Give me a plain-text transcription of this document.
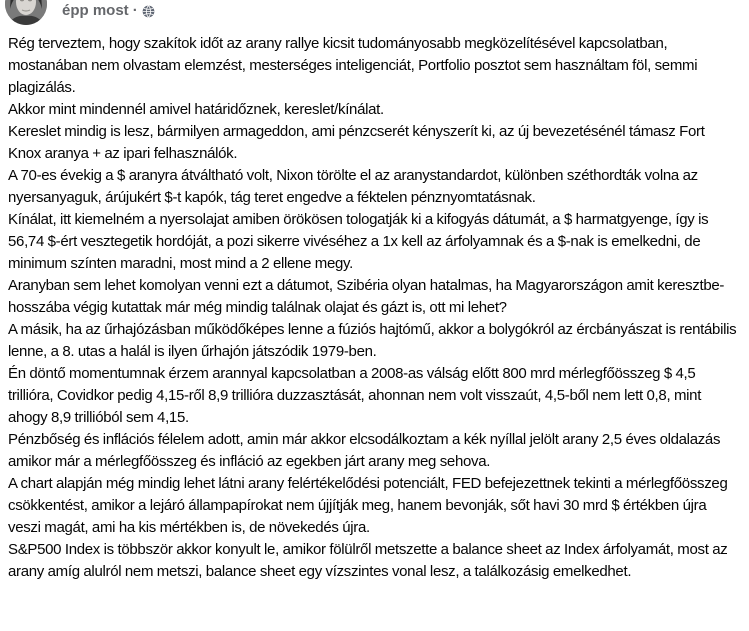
épp most ·

Rég terveztem, hogy szakítok időt az arany rallye kicsit tudományosabb megközelítésével kapcsolatban, mostanában nem olvastam elemzést, mesterséges inteligenciát, Portfolio posztot sem használtam föl, semmi plagizálás.

Akkor mint mindennél amivel határidőznek, kereslet/kínálat.

Kereslet mindig is lesz, bármilyen armageddon, ami pénzcserét kényszerít ki, az új bevezetésénél támasz Fort Knox aranya + az ipari felhasználók.

A 70-es évekig a $ aranyra átváltható volt, Nixon törölte el az aranystandardot, különben széthordták volna az nyersanyaguk, árújukért $-t kapók, tág teret engedve a féktelen pénznyomtatásnak.

Kínálat, itt kiemelném a nyersolajat amiben örökösen tologatják ki a kifogyás dátumát, a $ harmatgyenge, így is 56,74 $-ért vesztegetik hordóját, a pozi sikerre vivéséhez a 1x kell az árfolyamnak és a $-nak is emelkedni, de minimum színten maradni, most mind a 2 ellene megy.

Aranyban sem lehet komolyan venni ezt a dátumot, Szibéria olyan hatalmas, ha Magyarországon amit keresztbe-hosszába végig kutattak már még mindig találnak olajat és gázt is, ott mi lehet?

A másik, ha az űrhajózásban működőképes lenne a fúziós hajtómű, akkor a bolygókról az ércbányászat is rentábilis lenne, a 8. utas a halál is ilyen űrhajón játszódik 1979-ben.

Én döntő momentumnak érzem arannyal kapcsolatban a 2008-as válság előtt 800 mrd mérlegfőösszeg $ 4,5 trillióra, Covidkor pedig 4,15-ről 8,9 trillióra duzzasztását, ahonnan nem volt visszaút, 4,5-ből nem lett 0,8, mint ahogy 8,9 trillióból sem 4,15.

Pénzbőség és inflációs félelem adott, amin már akkor elcsodálkoztam a kék nyíllal jelölt arany 2,5 éves oldalazás amikor már a mérlegfőösszeg és infláció az egekben járt arany meg sehova.

A chart alapján még mindig lehet látni arany felértékelődési potenciált, FED befejezettnek tekinti a mérlegfőösszeg csökkentést, amikor a lejáró állampapírokat nem újjítják meg, hanem bevonják, sőt havi 30 mrd $ értékben újra veszi magát, ami ha kis mértékben is, de növekedés újra.

S&P500 Index is többször akkor konyult le, amikor fölülről metszette a balance sheet az Index árfolyamát, most az arany amíg alulról nem metszi, balance sheet egy vízszintes vonal lesz, a találkozásig emelkedhet.
